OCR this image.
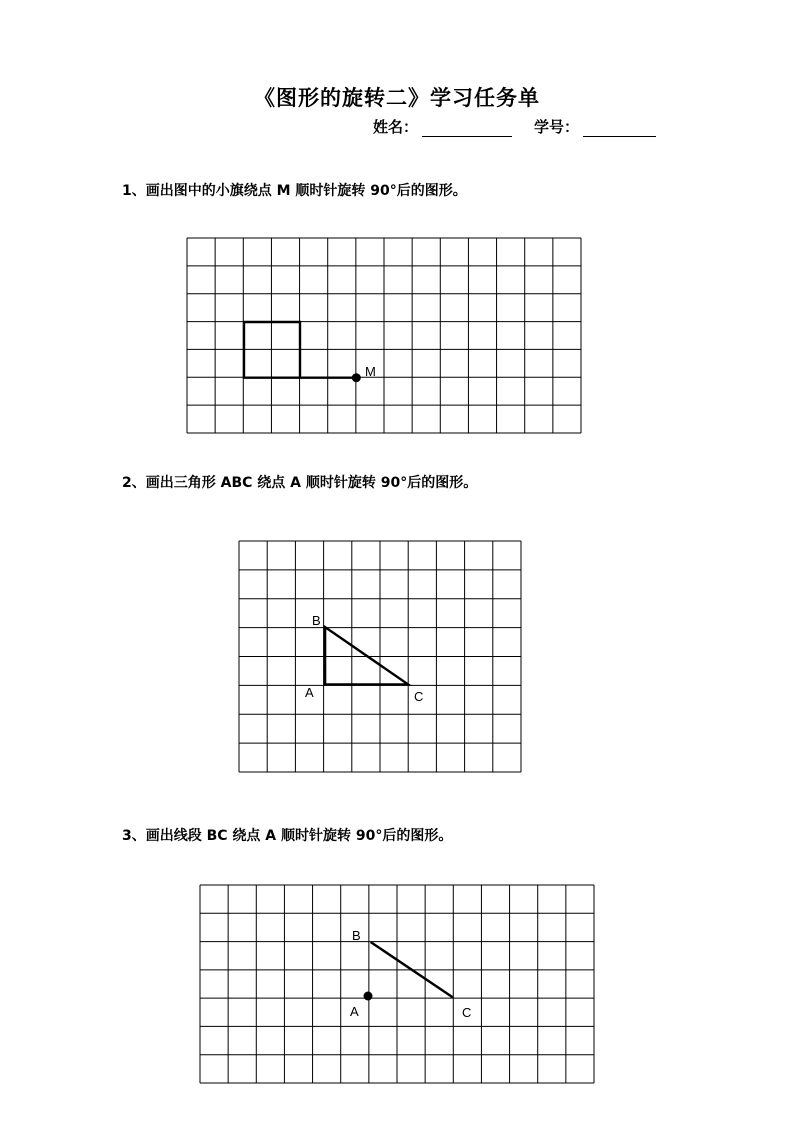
《图形的旋转二》学习任务单
姓名：	学号：
1、画出图中的小旗绕点 M 顺时针旋转 90°后的图形。
M
2、画出三角形 ABC 绕点 A 顺时针旋转 90°后的图形。
B
A	C
3、画出线段 BC 绕点 A 顺时针旋转 90°后的图形。
B
A	C
